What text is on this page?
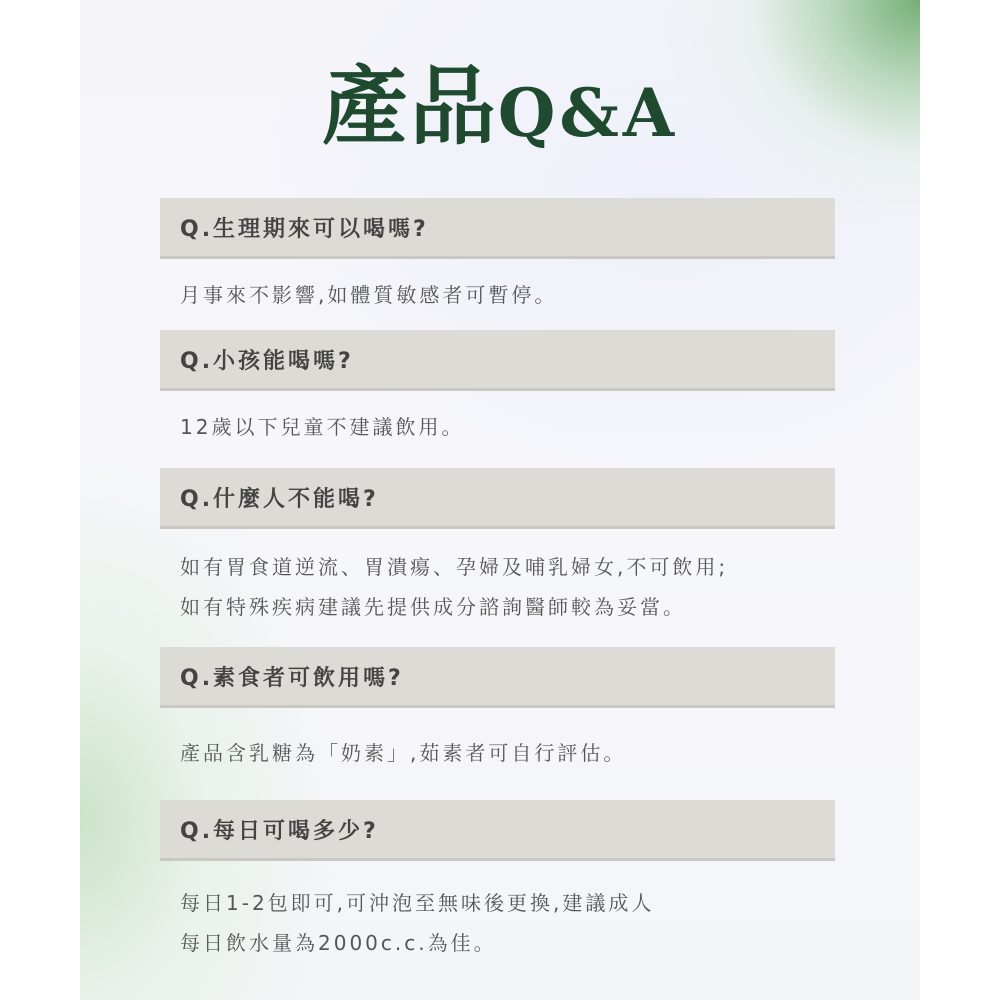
產品Q&A
Q.生理期來可以喝嗎?

月事來不影響,如體質敏感者可暫停。

Q.小孩能喝嗎?

12歲以下兒童不建議飲用。

Q.什麼人不能喝?

如有胃食道逆流、胃潰瘍、孕婦及哺乳婦女,不可飲用;
如有特殊疾病建議先提供成分諮詢醫師較為妥當。

Q.素食者可飲用嗎?

產品含乳糖為「奶素」,茹素者可自行評估。

Q.每日可喝多少?

每日1-2包即可,可沖泡至無味後更換,建議成人
每日飲水量為2000c.c.為佳。
